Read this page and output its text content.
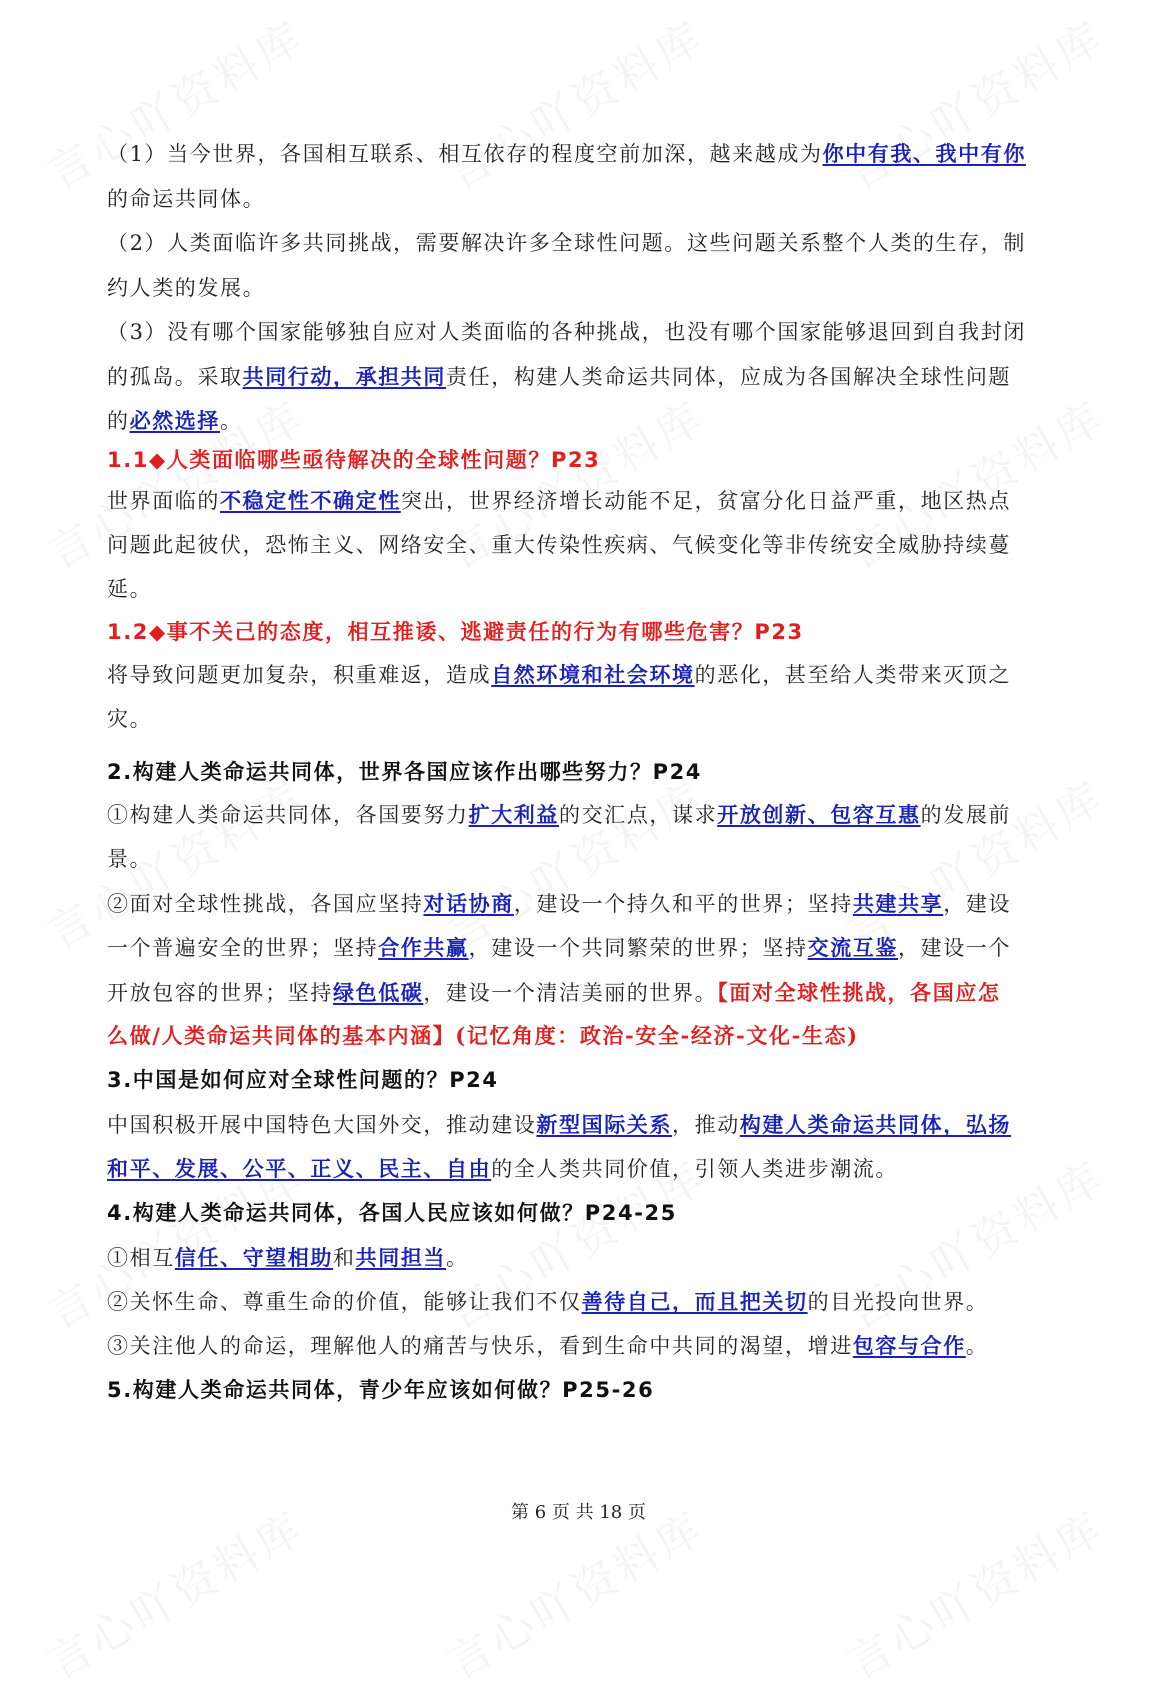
（1）当今世界，各国相互联系、相互依存的程度空前加深，越来越成为你中有我、我中有你
的命运共同体。
（2）人类面临许多共同挑战，需要解决许多全球性问题。这些问题关系整个人类的生存，制
约人类的发展。
（3）没有哪个国家能够独自应对人类面临的各种挑战，也没有哪个国家能够退回到自我封闭
的孤岛。采取共同行动，承担共同责任，构建人类命运共同体，应成为各国解决全球性问题
的必然选择。
1.1◆人类面临哪些亟待解决的全球性问题？P23
世界面临的不稳定性不确定性突出，世界经济增长动能不足，贫富分化日益严重，地区热点
问题此起彼伏，恐怖主义、网络安全、重大传染性疾病、气候变化等非传统安全威胁持续蔓
延。
1.2◆事不关己的态度，相互推诿、逃避责任的行为有哪些危害？P23
将导致问题更加复杂，积重难返，造成自然环境和社会环境的恶化，甚至给人类带来灭顶之
灾。
2.构建人类命运共同体，世界各国应该作出哪些努力？P24
①构建人类命运共同体，各国要努力扩大利益的交汇点，谋求开放创新、包容互惠的发展前
景。
②面对全球性挑战，各国应坚持对话协商，建设一个持久和平的世界；坚持共建共享，建设
一个普遍安全的世界；坚持合作共赢，建设一个共同繁荣的世界；坚持交流互鉴，建设一个
开放包容的世界；坚持绿色低碳，建设一个清洁美丽的世界。【面对全球性挑战，各国应怎
么做/人类命运共同体的基本内涵】(记忆角度：政治-安全-经济-文化-生态)
3.中国是如何应对全球性问题的？P24
中国积极开展中国特色大国外交，推动建设新型国际关系，推动构建人类命运共同体，弘扬
和平、发展、公平、正义、民主、自由的全人类共同价值，引领人类进步潮流。
4.构建人类命运共同体，各国人民应该如何做？P24-25
①相互信任、守望相助和共同担当。
②关怀生命、尊重生命的价值，能够让我们不仅善待自己，而且把关切的目光投向世界。
③关注他人的命运，理解他人的痛苦与快乐，看到生命中共同的渴望，增进包容与合作。
5.构建人类命运共同体，青少年应该如何做？P25-26
第 6 页 共 18 页
